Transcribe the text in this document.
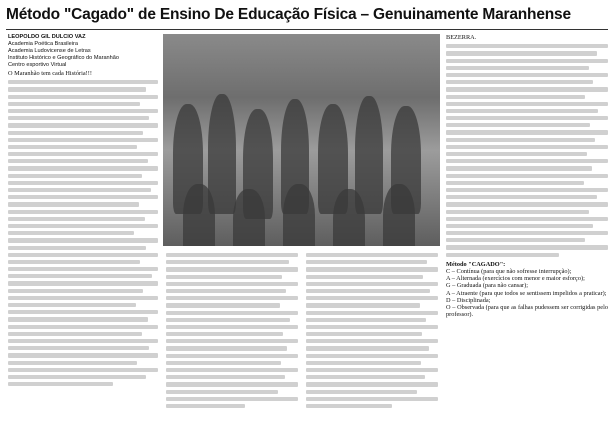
Método "Cagado" de Ensino De Educação Física – Genuinamente Maranhense
LEOPOLDO GIL DULCIO VAZ
Academia Poética Brasileira
Academia Ludovicense de Letras
Instituto Histórico e Geográfico do Maranhão
Centro esportivo Virtual

O Maranhão tem cada História!!!

BEZERRA.

Método "CAGADO":

C – Contínua (para que não sofresse interrupção);

A – Alternada (exercícios com menor e maior esforço);

G – Graduada (para não cansar);

A – Atraente (para que todos se sentissem impelidos a praticar);

D – Disciplinada;

O – Observada (para que as falhas pudessem ser corrigidas pelo professor).
